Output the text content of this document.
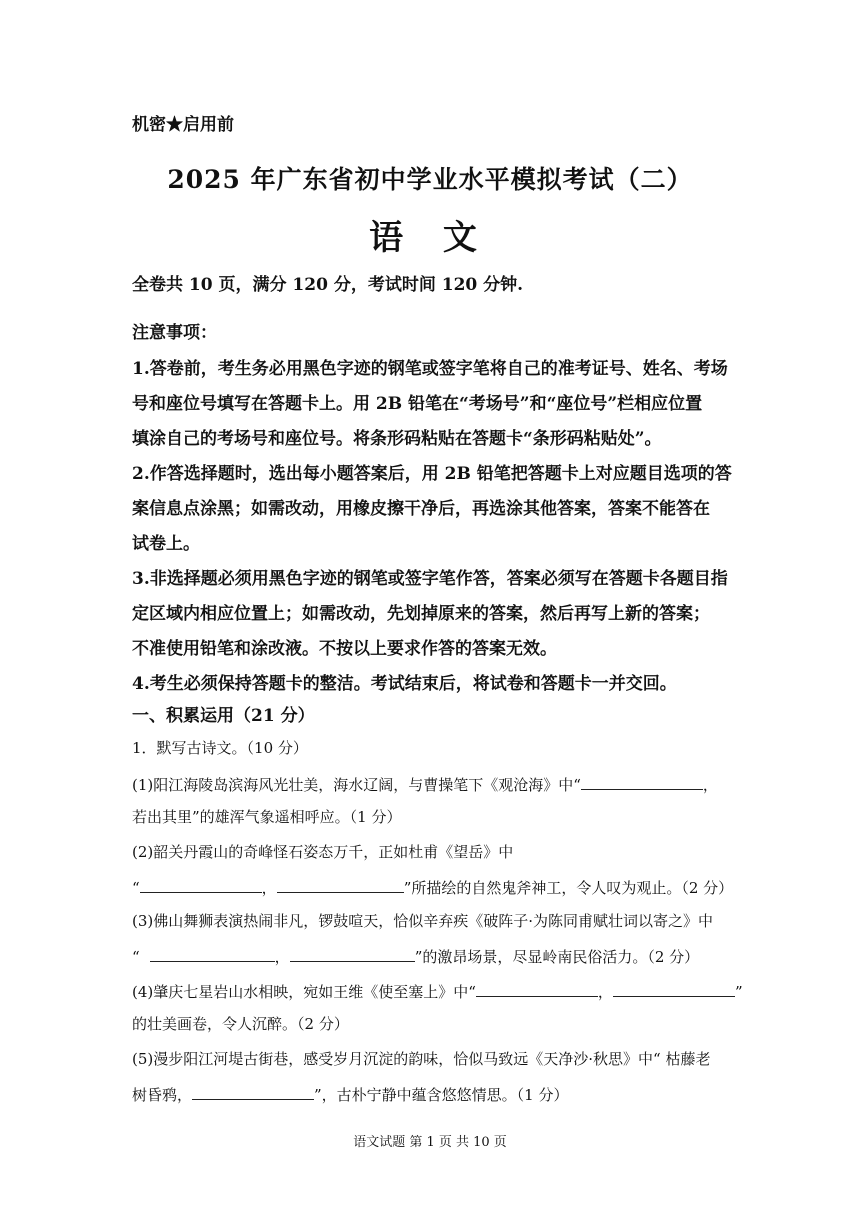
机密★启用前

2025 年广东省初中学业水平模拟考试（二）
语 文

全卷共 10 页，满分 120 分，考试时间 120 分钟.

注意事项：

1.答卷前，考生务必用黑色字迹的钢笔或签字笔将自己的准考证号、姓名、考场

号和座位号填写在答题卡上。用 2B 铅笔在“考场号”和“座位号”栏相应位置

填涂自己的考场号和座位号。将条形码粘贴在答题卡“条形码粘贴处”。

2.作答选择题时，选出每小题答案后，用 2B 铅笔把答题卡上对应题目选项的答

案信息点涂黑；如需改动，用橡皮擦干净后，再选涂其他答案，答案不能答在

试卷上。

3.非选择题必须用黑色字迹的钢笔或签字笔作答，答案必须写在答题卡各题目指

定区域内相应位置上；如需改动，先划掉原来的答案，然后再写上新的答案；

不准使用铅笔和涂改液。不按以上要求作答的答案无效。

4.考生必须保持答题卡的整洁。考试结束后，将试卷和答题卡一并交回。

一、积累运用（21 分）

1．默写古诗文。（10 分）

(1)阳江海陵岛滨海风光壮美，海水辽阔，与曹操笔下《观沧海》中“	，

若出其里”的雄浑气象遥相呼应。（1 分）

(2)韶关丹霞山的奇峰怪石姿态万千，正如杜甫《望岳》中

“	，	”所描绘的自然鬼斧神工，令人叹为观止。（2 分）

(3)佛山舞狮表演热闹非凡，锣鼓喧天，恰似辛弃疾《破阵子·为陈同甫赋壮词以寄之》中

“	，	”的激昂场景，尽显岭南民俗活力。（2 分）

(4)肇庆七星岩山水相映，宛如王维《使至塞上》中“	，	”

的壮美画卷，令人沉醉。（2 分）

(5)漫步阳江河堤古街巷，感受岁月沉淀的韵味，恰似马致远《天净沙·秋思》中“ 枯藤老

树昏鸦，	”，古朴宁静中蕴含悠悠情思。（1 分）

语文试题 第 1 页 共 10 页
